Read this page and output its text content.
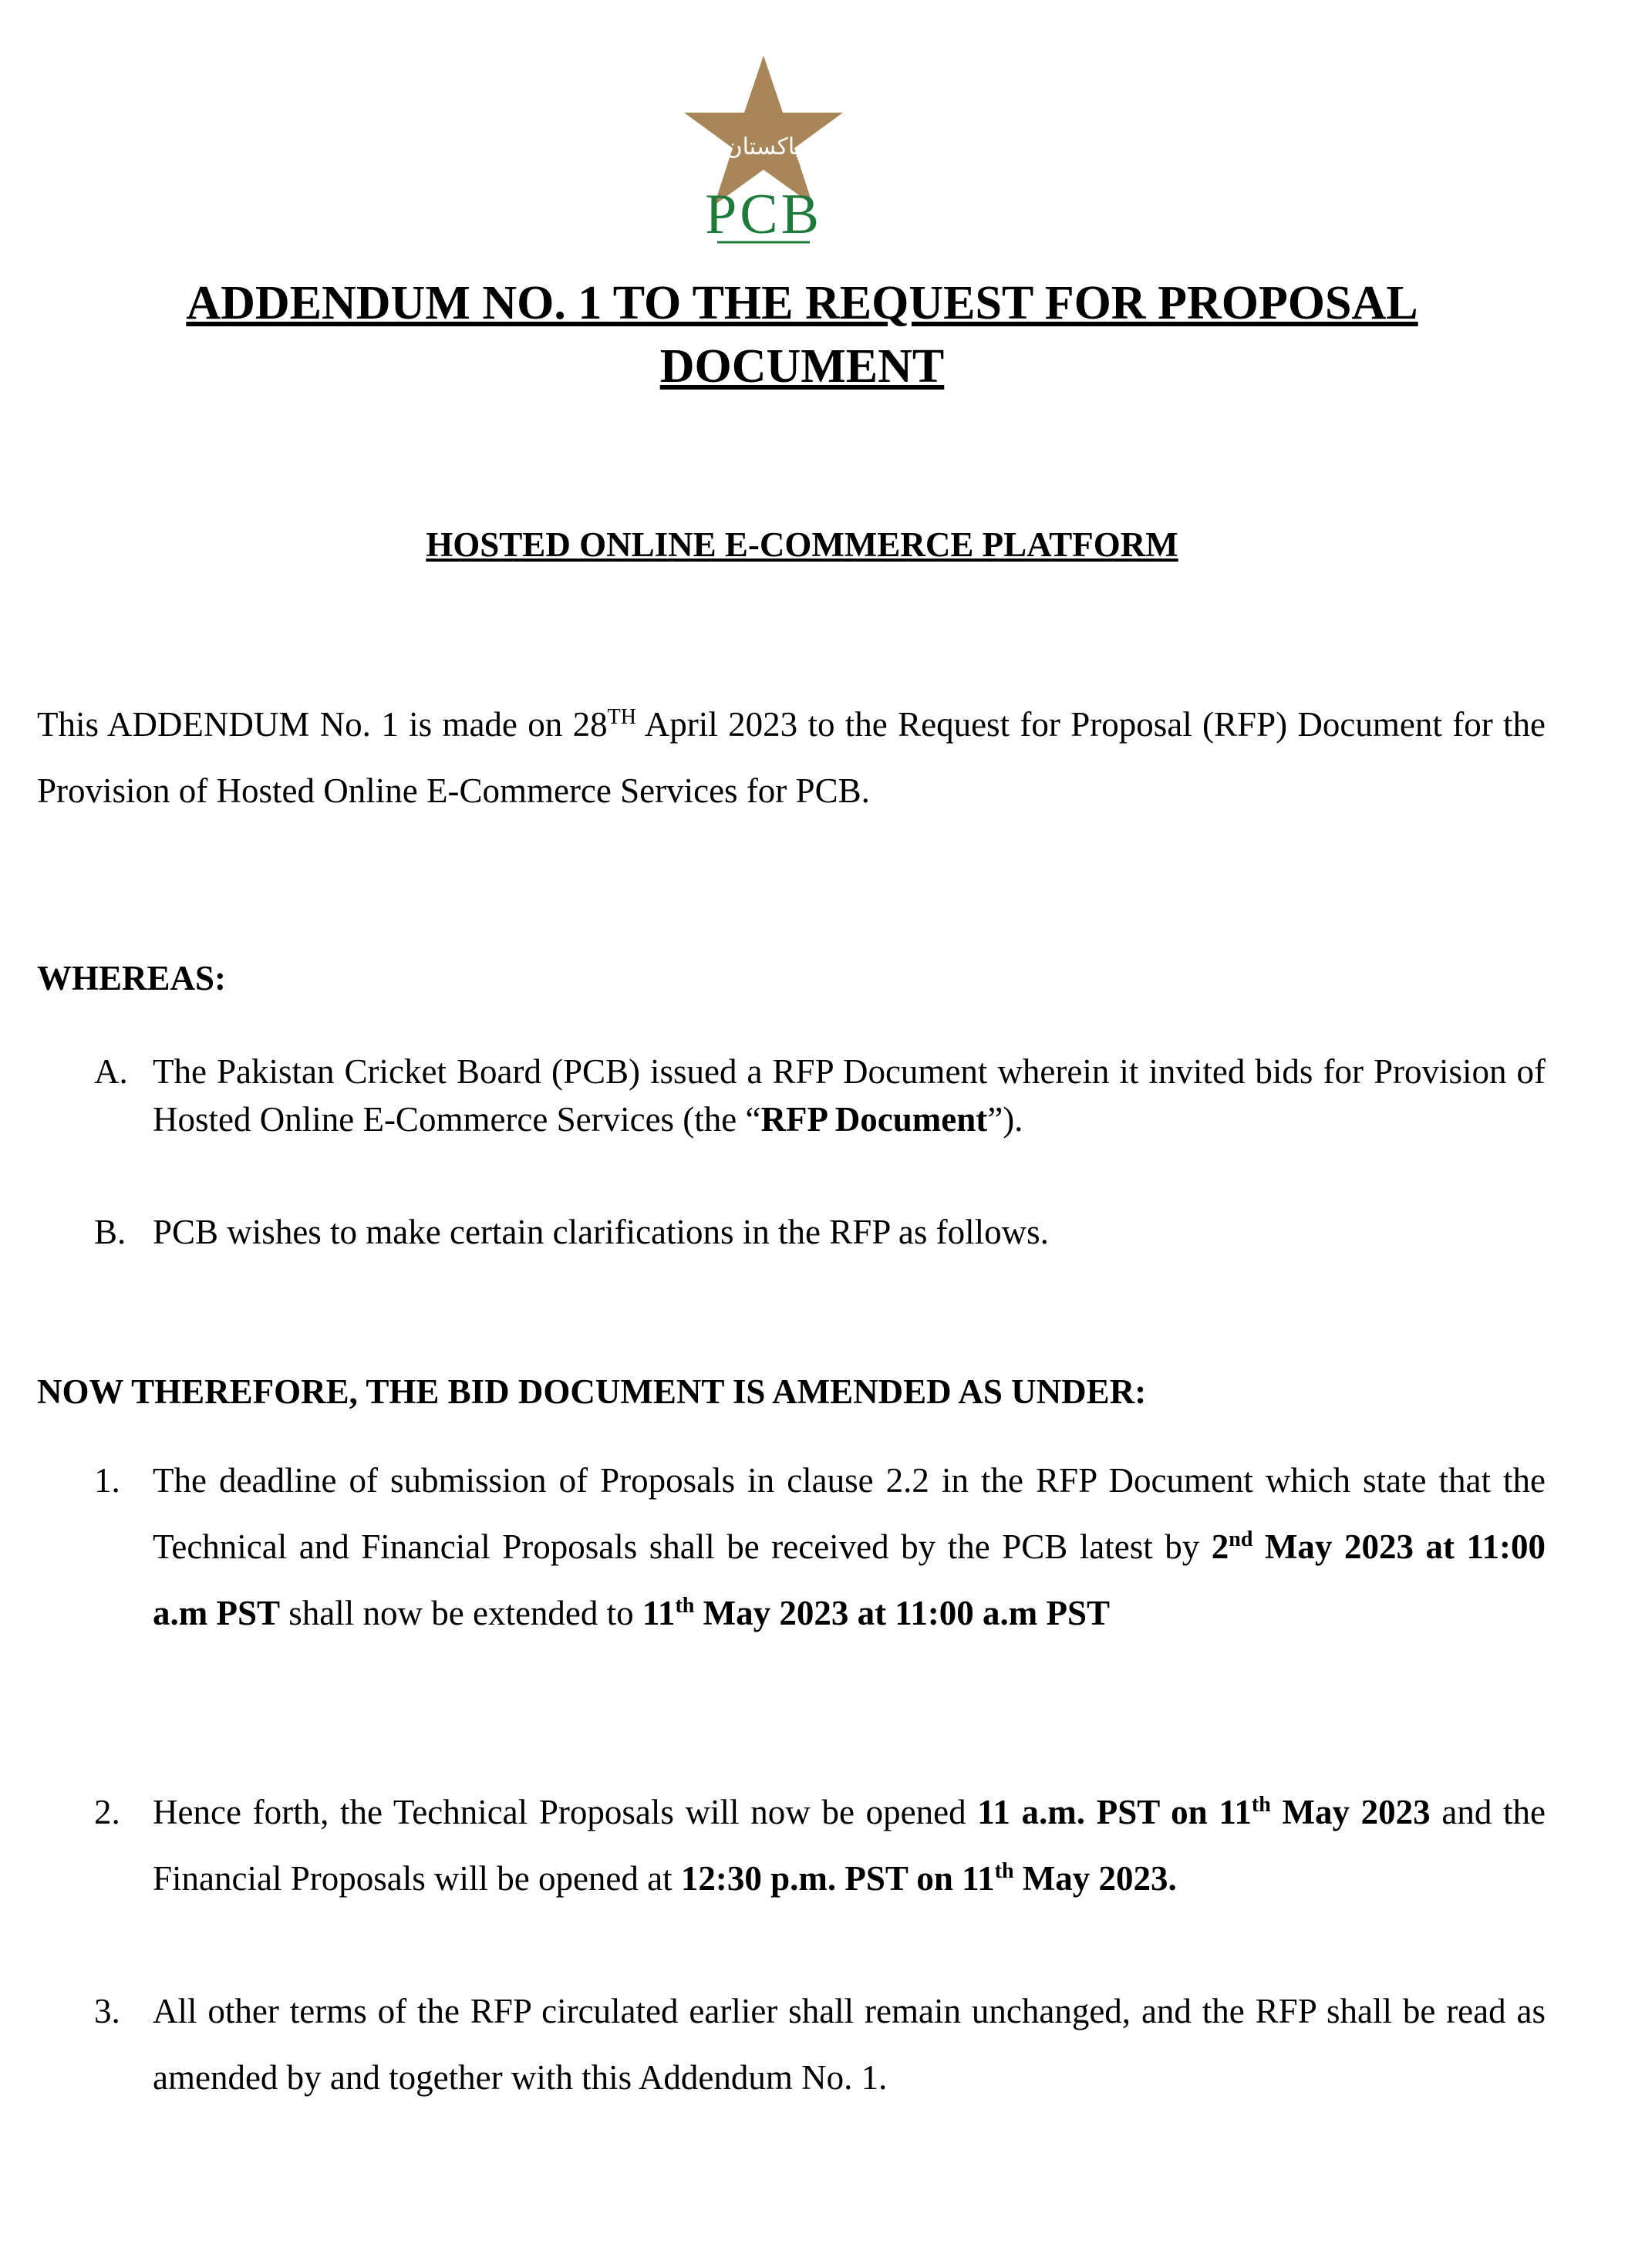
پاکستان
PCB
ADDENDUM NO. 1 TO THE REQUEST FOR PROPOSAL
DOCUMENT
HOSTED ONLINE E-COMMERCE PLATFORM
This ADDENDUM No. 1 is made on 28TH April 2023 to the Request for Proposal (RFP) Document for the Provision of Hosted Online E-Commerce Services for PCB.
WHEREAS:
A. The Pakistan Cricket Board (PCB) issued a RFP Document wherein it invited bids for Provision of Hosted Online E-Commerce Services (the “RFP Document”).
B. PCB wishes to make certain clarifications in the RFP as follows.
NOW THEREFORE, THE BID DOCUMENT IS AMENDED AS UNDER:
1. The deadline of submission of Proposals in clause 2.2 in the RFP Document which state that the Technical and Financial Proposals shall be received by the PCB latest by 2nd May 2023 at 11:00 a.m PST shall now be extended to 11th May 2023 at 11:00 a.m PST
2. Hence forth, the Technical Proposals will now be opened 11 a.m. PST on 11th May 2023 and the Financial Proposals will be opened at 12:30 p.m. PST on 11th May 2023.
3. All other terms of the RFP circulated earlier shall remain unchanged, and the RFP shall be read as amended by and together with this Addendum No. 1.
